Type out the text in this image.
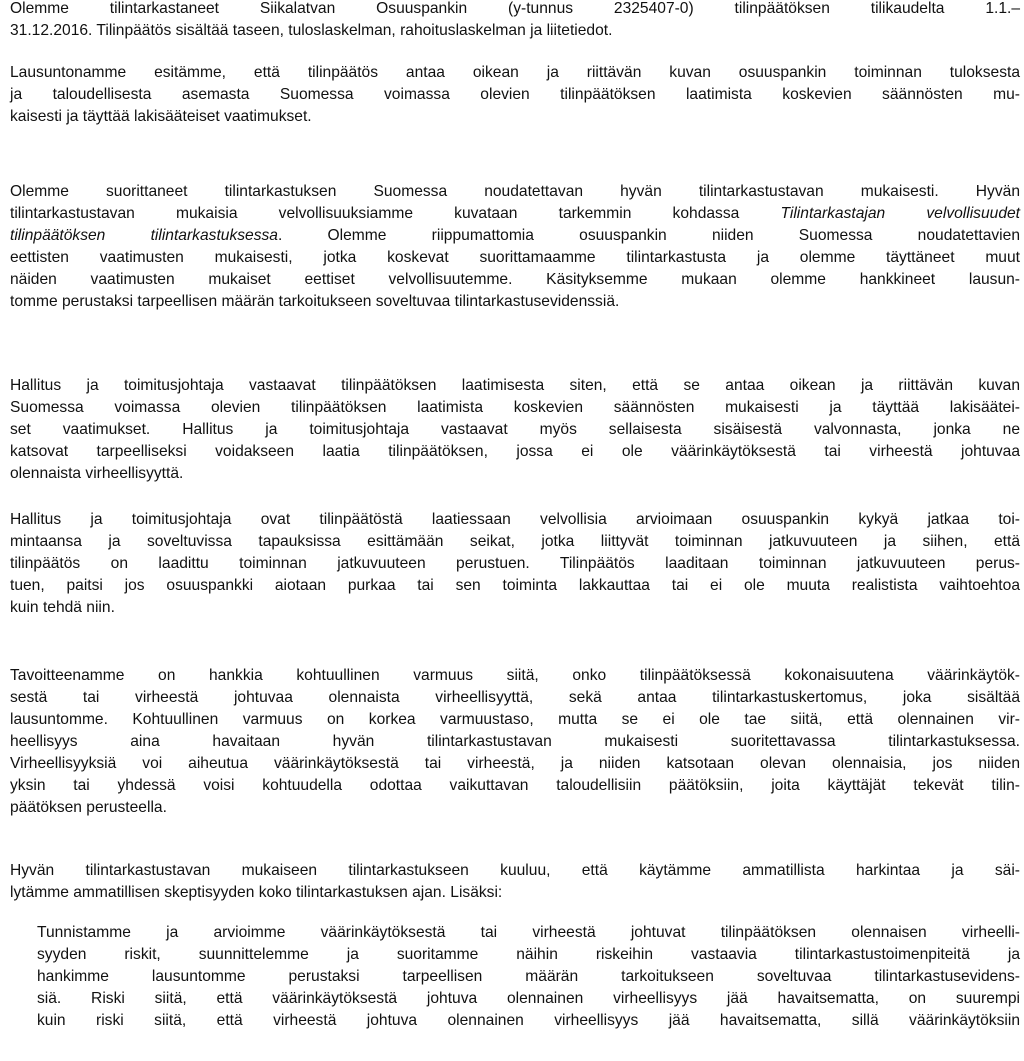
Olemme tilintarkastaneet Siikalatvan Osuuspankin (y-tunnus 2325407-0) tilinpäätöksen tilikaudelta 1.1.–
31.12.2016. Tilinpäätös sisältää taseen, tuloslaskelman, rahoituslaskelman ja liitetiedot.

Lausuntonamme esitämme, että tilinpäätös antaa oikean ja riittävän kuvan osuuspankin toiminnan tuloksesta
ja taloudellisesta asemasta Suomessa voimassa olevien tilinpäätöksen laatimista koskevien säännösten mu-
kaisesti ja täyttää lakisääteiset vaatimukset.

Olemme suorittaneet tilintarkastuksen Suomessa noudatettavan hyvän tilintarkastustavan mukaisesti. Hyvän
tilintarkastustavan mukaisia velvollisuuksiamme kuvataan tarkemmin kohdassa Tilintarkastajan velvollisuudet
tilinpäätöksen tilintarkastuksessa. Olemme riippumattomia osuuspankin niiden Suomessa noudatettavien
eettisten vaatimusten mukaisesti, jotka koskevat suorittamaamme tilintarkastusta ja olemme täyttäneet muut
näiden vaatimusten mukaiset eettiset velvollisuutemme. Käsityksemme mukaan olemme hankkineet lausun-
tomme perustaksi tarpeellisen määrän tarkoitukseen soveltuvaa tilintarkastusevidenssiä.

Hallitus ja toimitusjohtaja vastaavat tilinpäätöksen laatimisesta siten, että se antaa oikean ja riittävän kuvan
Suomessa voimassa olevien tilinpäätöksen laatimista koskevien säännösten mukaisesti ja täyttää lakisäätei-
set vaatimukset. Hallitus ja toimitusjohtaja vastaavat myös sellaisesta sisäisestä valvonnasta, jonka ne
katsovat tarpeelliseksi voidakseen laatia tilinpäätöksen, jossa ei ole väärinkäytöksestä tai virheestä johtuvaa
olennaista virheellisyyttä.

Hallitus ja toimitusjohtaja ovat tilinpäätöstä laatiessaan velvollisia arvioimaan osuuspankin kykyä jatkaa toi-
mintaansa ja soveltuvissa tapauksissa esittämään seikat, jotka liittyvät toiminnan jatkuvuuteen ja siihen, että
tilinpäätös on laadittu toiminnan jatkuvuuteen perustuen. Tilinpäätös laaditaan toiminnan jatkuvuuteen perus-
tuen, paitsi jos osuuspankki aiotaan purkaa tai sen toiminta lakkauttaa tai ei ole muuta realistista vaihtoehtoa
kuin tehdä niin.

Tavoitteenamme on hankkia kohtuullinen varmuus siitä, onko tilinpäätöksessä kokonaisuutena väärinkäytök-
sestä tai virheestä johtuvaa olennaista virheellisyyttä, sekä antaa tilintarkastuskertomus, joka sisältää
lausuntomme. Kohtuullinen varmuus on korkea varmuustaso, mutta se ei ole tae siitä, että olennainen vir-
heellisyys aina havaitaan hyvän tilintarkastustavan mukaisesti suoritettavassa tilintarkastuksessa.
Virheellisyyksiä voi aiheutua väärinkäytöksestä tai virheestä, ja niiden katsotaan olevan olennaisia, jos niiden
yksin tai yhdessä voisi kohtuudella odottaa vaikuttavan taloudellisiin päätöksiin, joita käyttäjät tekevät tilin-
päätöksen perusteella.

Hyvän tilintarkastustavan mukaiseen tilintarkastukseen kuuluu, että käytämme ammatillista harkintaa ja säi-
lytämme ammatillisen skeptisyyden koko tilintarkastuksen ajan. Lisäksi:

Tunnistamme ja arvioimme väärinkäytöksestä tai virheestä johtuvat tilinpäätöksen olennaisen virheelli-
syyden riskit, suunnittelemme ja suoritamme näihin riskeihin vastaavia tilintarkastustoimenpiteitä ja
hankimme lausuntomme perustaksi tarpeellisen määrän tarkoitukseen soveltuvaa tilintarkastusevidens-
siä. Riski siitä, että väärinkäytöksestä johtuva olennainen virheellisyys jää havaitsematta, on suurempi
kuin riski siitä, että virheestä johtuva olennainen virheellisyys jää havaitsematta, sillä väärinkäytöksiin
